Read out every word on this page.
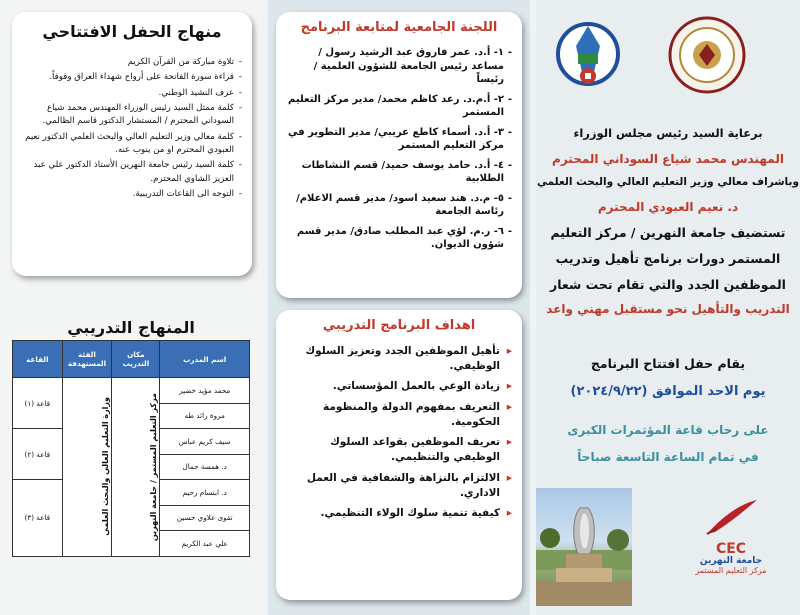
منهاج الحفل الافتتاحي
- تلاوة مباركة من القرآن الكريم
- قراءة سورة الفاتحة على أرواح شهداء العراق وقوفاً.
- عزف النشيد الوطني.
- كلمة ممثل السيد رئيس الوزراء المهندس محمد شياع السوداني المحترم / المستشار الدكتور قاسم الظالمي.
- كلمة معالي وزير التعليم العالي والبحث العلمي الدكتور نعيم العبودي المحترم او من ينوب عنه.
- كلمة السيد رئيس جامعة النهرين الأستاذ الدكتور علي عبد العزيز الشاوي المحترم.
- التوجه الى القاعات التدريبية.
المنهاج التدريبي
اسم المدرب	مكان التدريب	الفئة المستهدفة	القاعة
محمد مؤيد خضير	مركز التعليم المستمر / جامعة النهرين	وزارة التعليم العالي والبحث العلمي	قاعة (١)
مروة رائد طه			
سيف كريم عباس			قاعة (٢)
د. همسة جمال			
د. ابتسام رحيم			قاعة (٣)
تقوى علاوي حسين			
علي عبد الكريم			
اللجنة الجامعية لمتابعة البرنامج
- ١- أ.د. عمر فاروق عبد الرشيد رسول / مساعد رئيس الجامعة للشؤون العلمية / رئيساً
- ٢- أ.م.د. رعد كاظم محمد/ مدير مركز التعليم المستمر
- ٣- أ.د. أسماء كاطع عريبي/ مدير التطوير في مركز التعليم المستمر
- ٤- أ.د. حامد يوسف حميد/ قسم النشاطات الطلابية
- ٥- م.د. هند سعيد اسود/ مدير قسم الاعلام/ رئاسة الجامعة
- ٦- ر.م. لؤي عبد المطلب صادق/ مدير قسم شؤون الديوان.
اهداف البرنامج التدريبي
▸ تأهيل الموظفين الجدد وتعزيز السلوك الوظيفي.
▸ زيادة الوعي بالعمل المؤسساتي.
▸ التعريف بمفهوم الدولة والمنظومة الحكومية.
▸ تعريف الموظفين بقواعد السلوك الوظيفي والتنظيمي.
▸ الالتزام بالنزاهة والشفافية في العمل الاداري.
▸ كيفية تنمية سلوك الولاء التنظيمي.
برعاية السيد رئيس مجلس الوزراء
المهندس محمد شياع السوداني المحترم
وباشراف معالي وزير التعليم العالي والبحث العلمي
د. نعيم العبودي المحترم
تستضيف جامعة النهرين / مركز التعليم
المستمر دورات برنامج تأهيل وتدريب
الموظفين الجدد والتي تقام تحت شعار
التدريب والتأهيل نحو مستقبل مهني واعد
يقام حفل افتتاح البرنامج
يوم الاحد الموافق (٢٠٢٤/٩/٢٢)
على رحاب قاعة المؤتمرات الكبرى
في تمام الساعة التاسعة صباحاً
CEC
جامعة النهرين
مركز التعليم المستمر
